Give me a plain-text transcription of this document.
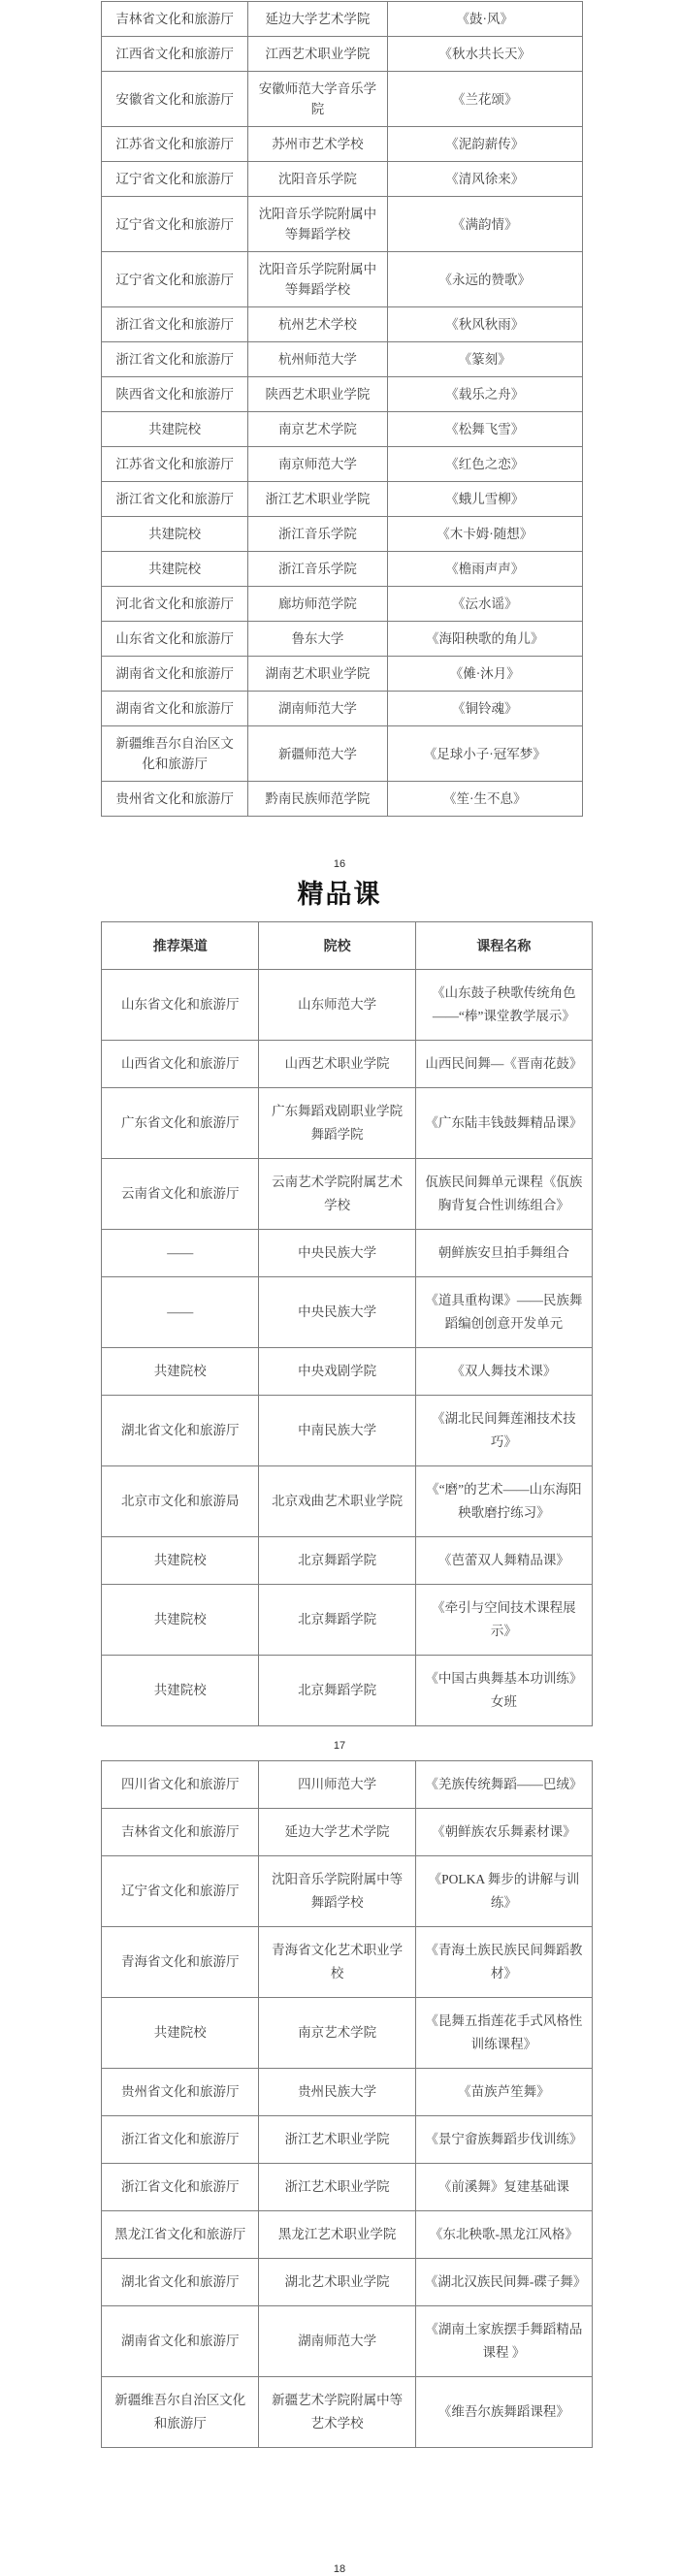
吉林省文化和旅游厅	延边大学艺术学院	《鼓·风》
江西省文化和旅游厅	江西艺术职业学院	《秋水共长天》
安徽省文化和旅游厅	安徽师范大学音乐学院	《兰花颂》
江苏省文化和旅游厅	苏州市艺术学校	《泥韵薪传》
辽宁省文化和旅游厅	沈阳音乐学院	《清风徐来》
辽宁省文化和旅游厅	沈阳音乐学院附属中等舞蹈学校	《满韵情》
辽宁省文化和旅游厅	沈阳音乐学院附属中等舞蹈学校	《永远的赞歌》
浙江省文化和旅游厅	杭州艺术学校	《秋风秋雨》
浙江省文化和旅游厅	杭州师范大学	《篆刻》
陕西省文化和旅游厅	陕西艺术职业学院	《载乐之舟》
共建院校	南京艺术学院	《松舞飞雪》
江苏省文化和旅游厅	南京师范大学	《红色之恋》
浙江省文化和旅游厅	浙江艺术职业学院	《蛾儿雪柳》
共建院校	浙江音乐学院	《木卡姆·随想》
共建院校	浙江音乐学院	《檐雨声声》
河北省文化和旅游厅	廊坊师范学院	《沄水谣》
山东省文化和旅游厅	鲁东大学	《海阳秧歌的角儿》
湖南省文化和旅游厅	湖南艺术职业学院	《傩·沐月》
湖南省文化和旅游厅	湖南师范大学	《铜铃魂》
新疆维吾尔自治区文化和旅游厅	新疆师范大学	《足球小子·冠军梦》
贵州省文化和旅游厅	黔南民族师范学院	《笙·生不息》
16
精品课
推荐渠道	院校	课程名称
山东省文化和旅游厅	山东师范大学	《山东鼓子秧歌传统角色——“棒”课堂教学展示》
山西省文化和旅游厅	山西艺术职业学院	山西民间舞—《晋南花鼓》
广东省文化和旅游厅	广东舞蹈戏剧职业学院舞蹈学院	《广东陆丰钱鼓舞精品课》
云南省文化和旅游厅	云南艺术学院附属艺术学校	佤族民间舞单元课程《佤族胸背复合性训练组合》
——	中央民族大学	朝鲜族安旦拍手舞组合
——	中央民族大学	《道具重构课》——民族舞蹈编创创意开发单元
共建院校	中央戏剧学院	《双人舞技术课》
湖北省文化和旅游厅	中南民族大学	《湖北民间舞莲湘技术技巧》
北京市文化和旅游局	北京戏曲艺术职业学院	《“磨”的艺术——山东海阳秧歌磨拧练习》
共建院校	北京舞蹈学院	《芭蕾双人舞精品课》
共建院校	北京舞蹈学院	《牵引与空间技术课程展示》
共建院校	北京舞蹈学院	《中国古典舞基本功训练》女班
17
四川省文化和旅游厅	四川师范大学	《羌族传统舞蹈——巴绒》
吉林省文化和旅游厅	延边大学艺术学院	《朝鲜族农乐舞素材课》
辽宁省文化和旅游厅	沈阳音乐学院附属中等舞蹈学校	《POLKA 舞步的讲解与训练》
青海省文化和旅游厅	青海省文化艺术职业学校	《青海土族民族民间舞蹈教材》
共建院校	南京艺术学院	《昆舞五指莲花手式风格性训练课程》
贵州省文化和旅游厅	贵州民族大学	《苗族芦笙舞》
浙江省文化和旅游厅	浙江艺术职业学院	《景宁畲族舞蹈步伐训练》
浙江省文化和旅游厅	浙江艺术职业学院	《前溪舞》复建基础课
黑龙江省文化和旅游厅	黑龙江艺术职业学院	《东北秧歌-黑龙江风格》
湖北省文化和旅游厅	湖北艺术职业学院	《湖北汉族民间舞-碟子舞》
湖南省文化和旅游厅	湖南师范大学	《湖南土家族摆手舞蹈精品课程 》
新疆维吾尔自治区文化和旅游厅	新疆艺术学院附属中等艺术学校	《维吾尔族舞蹈课程》
18
